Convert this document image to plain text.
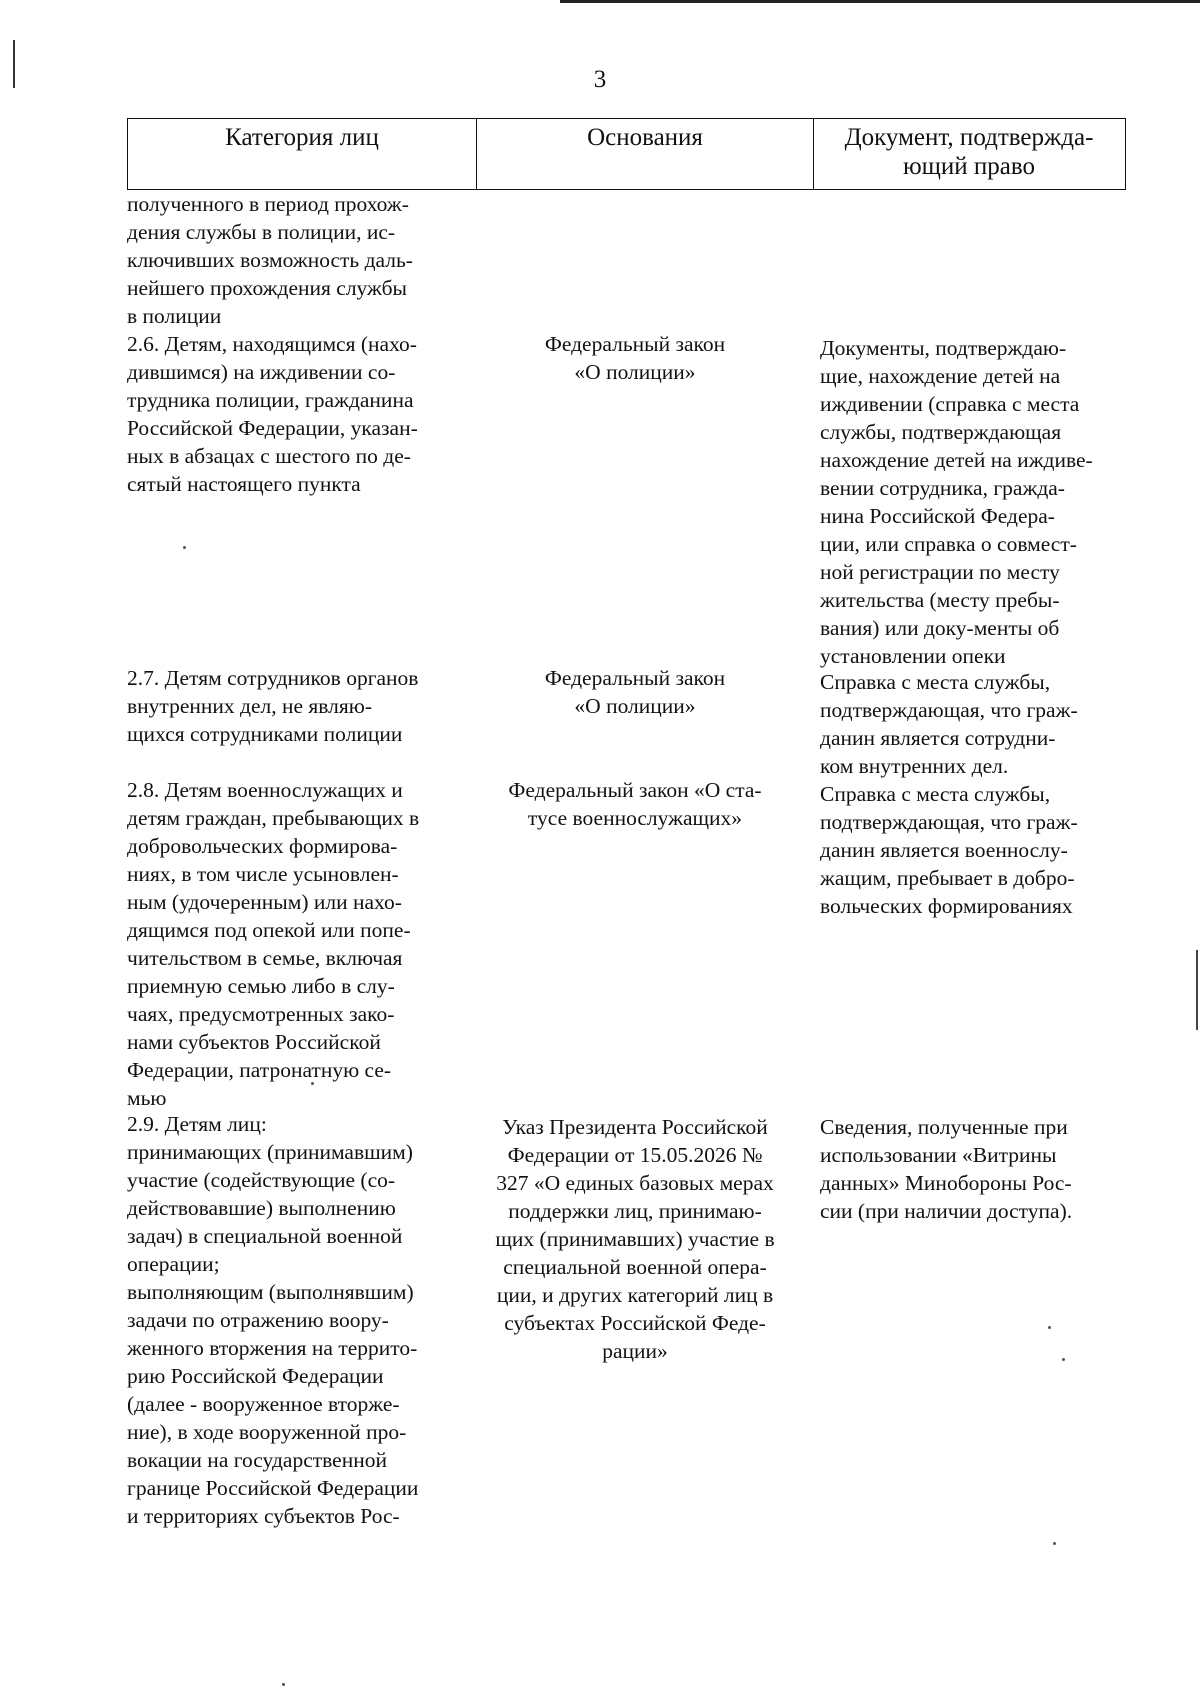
3
Категория лиц	Основания	Документ, подтвержда-
ющий право
полученного в период прохож-
дения службы в полиции, ис-
ключивших возможность даль-
нейшего прохождения службы
в полиции
2.6. Детям, находящимся (нахо-
дившимся) на иждивении со-
трудника полиции, гражданина
Российской Федерации, указан-
ных в абзацах с шестого по де-
сятый настоящего пункта
Федеральный закон
«О полиции»
Документы, подтверждаю-
щие, нахождение детей на
иждивении (справка с места
службы, подтверждающая
нахождение детей на иждиве-
вении сотрудника, гражда-
нина Российской Федера-
ции, или справка о совмест-
ной регистрации по месту
жительства (месту пребы-
вания) или доку-менты об
установлении опеки
2.7. Детям сотрудников органов
внутренних дел, не являю-
щихся сотрудниками полиции
Федеральный закон
«О полиции»
Справка с места службы,
подтверждающая, что граж-
данин является сотрудни-
ком внутренних дел.
2.8. Детям военнослужащих и
детям граждан, пребывающих в
добровольческих формирова-
ниях, в том числе усыновлен-
ным (удочеренным) или нахо-
дящимся под опекой или попе-
чительством в семье, включая
приемную семью либо в слу-
чаях, предусмотренных зако-
нами субъектов Российской
Федерации, патронатную се-
мью
Федеральный закон «О ста-
тусе военнослужащих»
Справка с места службы,
подтверждающая, что граж-
данин является военнослу-
жащим, пребывает в добро-
вольческих формированиях
2.9. Детям лиц:
принимающих (принимавшим)
участие (содействующие (со-
действовавшие) выполнению
задач) в специальной военной
операции;
выполняющим (выполнявшим)
задачи по отражению воору-
женного вторжения на террито-
рию Российской Федерации
(далее - вооруженное вторже-
ние), в ходе вооруженной про-
вокации на государственной
границе Российской Федерации
и территориях субъектов Рос-
Указ Президента Российской
Федерации от 15.05.2026 №
327 «О единых базовых мерах
поддержки лиц, принимаю-
щих (принимавших) участие в
специальной военной опера-
ции, и других категорий лиц в
субъектах Российской Феде-
рации»
Сведения, полученные при
использовании «Витрины
данных» Минобороны Рос-
сии (при наличии доступа).
